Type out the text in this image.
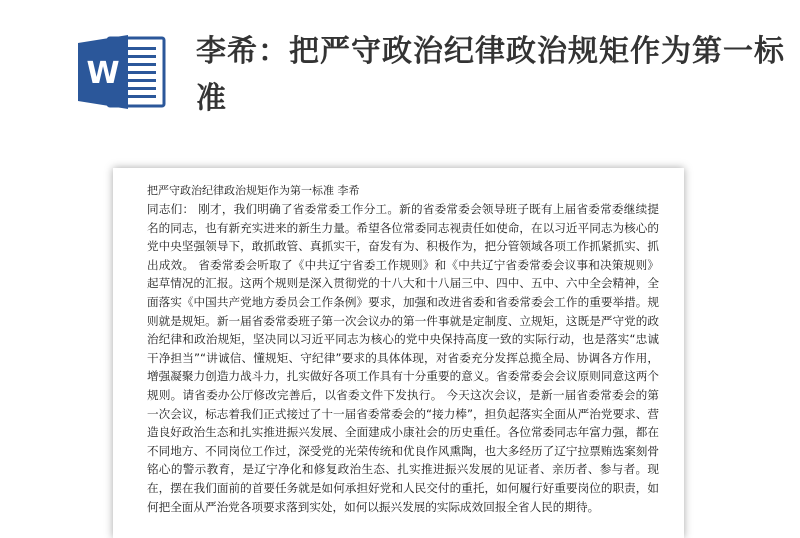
W
李希：把严守政治纪律政治规矩作为第一标准

把严守政治纪律政治规矩作为第一标准 李希

同志们： 刚才，我们明确了省委常委工作分工。新的省委常委会领导班子既有上届省委常委继续提名的同志，也有新充实进来的新生力量。希望各位常委同志视责任如使命，在以习近平同志为核心的党中央坚强领导下，敢抓敢管、真抓实干，奋发有为、积极作为，把分管领域各项工作抓紧抓实、抓出成效。 省委常委会听取了《中共辽宁省委工作规则》和《中共辽宁省委常委会议事和决策规则》起草情况的汇报。这两个规则是深入贯彻党的十八大和十八届三中、四中、五中、六中全会精神，全面落实《中国共产党地方委员会工作条例》要求，加强和改进省委和省委常委会工作的重要举措。规则就是规矩。新一届省委常委班子第一次会议办的第一件事就是定制度、立规矩，这既是严守党的政治纪律和政治规矩，坚决同以习近平同志为核心的党中央保持高度一致的实际行动，也是落实“忠诚干净担当”“讲诚信、懂规矩、守纪律”要求的具体体现，对省委充分发挥总揽全局、协调各方作用，增强凝聚力创造力战斗力，扎实做好各项工作具有十分重要的意义。省委常委会会议原则同意这两个规则。请省委办公厅修改完善后，以省委文件下发执行。 今天这次会议，是新一届省委常委会的第一次会议，标志着我们正式接过了十一届省委常委会的“接力棒”，担负起落实全面从严治党要求、营造良好政治生态和扎实推进振兴发展、全面建成小康社会的历史重任。各位常委同志年富力强，都在不同地方、不同岗位工作过，深受党的光荣传统和优良作风熏陶，也大多经历了辽宁拉票贿选案刻骨铭心的警示教育，是辽宁净化和修复政治生态、扎实推进振兴发展的见证者、亲历者、参与者。现在，摆在我们面前的首要任务就是如何承担好党和人民交付的重托，如何履行好重要岗位的职责，如何把全面从严治党各项要求落到实处，如何以振兴发展的实际成效回报全省人民的期待。
